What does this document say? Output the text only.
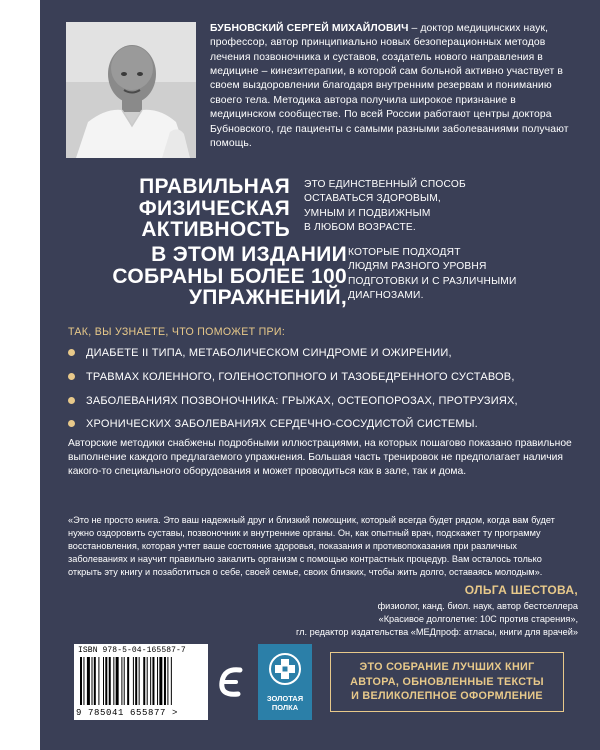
БУБНОВСКИЙ СЕРГЕЙ МИХАЙЛОВИЧ – доктор медицинских наук, профессор, автор принципиально новых безоперационных методов лечения позвоночника и суставов, создатель нового направления в медицине – кинезитерапии, в которой сам больной активно участвует в своем выздоровлении благодаря внутренним резервам и пониманию своего тела. Методика автора получила широкое признание в медицинском сообществе. По всей России работают центры доктора Бубновского, где пациенты с самыми разными заболеваниями получают помощь.
ПРАВИЛЬНАЯ
ФИЗИЧЕСКАЯ
АКТИВНОСТЬ
ЭТО ЕДИНСТВЕННЫЙ СПОСОБ
ОСТАВАТЬСЯ ЗДОРОВЫМ,
УМНЫМ И ПОДВИЖНЫМ
В ЛЮБОМ ВОЗРАСТЕ.
В ЭТОМ ИЗДАНИИ
СОБРАНЫ БОЛЕЕ 100
УПРАЖНЕНИЙ,
КОТОРЫЕ ПОДХОДЯТ
ЛЮДЯМ РАЗНОГО УРОВНЯ
ПОДГОТОВКИ И С РАЗЛИЧНЫМИ
ДИАГНОЗАМИ.
ТАК, ВЫ УЗНАЕТЕ, ЧТО ПОМОЖЕТ ПРИ:
ДИАБЕТЕ II ТИПА, МЕТАБОЛИЧЕСКОМ СИНДРОМЕ И ОЖИРЕНИИ,
ТРАВМАХ КОЛЕННОГО, ГОЛЕНОСТОПНОГО И ТАЗОБЕДРЕННОГО СУСТАВОВ,
ЗАБОЛЕВАНИЯХ ПОЗВОНОЧНИКА: ГРЫЖАХ, ОСТЕОПОРОЗАХ, ПРОТРУЗИЯХ,
ХРОНИЧЕСКИХ ЗАБОЛЕВАНИЯХ СЕРДЕЧНО-СОСУДИСТОЙ СИСТЕМЫ.
Авторские методики снабжены подробными иллюстрациями, на которых пошагово показано правильное выполнение каждого предлагаемого упражнения. Большая часть тренировок не предполагает наличия какого-то специального оборудования и может проводиться как в зале, так и дома.
«Это не просто книга. Это ваш надежный друг и близкий помощник, который всегда будет рядом, когда вам будет нужно оздоровить суставы, позвоночник и внутренние органы. Он, как опытный врач, подскажет ту программу восстановления, которая учтет ваше состояние здоровья, показания и противопоказания при различных заболеваниях и научит правильно закалить организм с помощью контрастных процедур. Вам осталось только открыть эту книгу и позаботиться о себе, своей семье, своих близких, чтобы жить долго, оставаясь молодым».
ОЛЬГА ШЕСТОВА,
физиолог, канд. биол. наук, автор бестселлера
«Красивое долголетие: 10С против старения»,
гл. редактор издательства «МЕДпроф: атласы, книги для врачей»
ISBN 978-5-04-165587-7
9 785041 655877 >
ЗОЛОТАЯ
ПОЛКА
ЭТО СОБРАНИЕ ЛУЧШИХ КНИГ
АВТОРА, ОБНОВЛЕННЫЕ ТЕКСТЫ
И ВЕЛИКОЛЕПНОЕ ОФОРМЛЕНИЕ
